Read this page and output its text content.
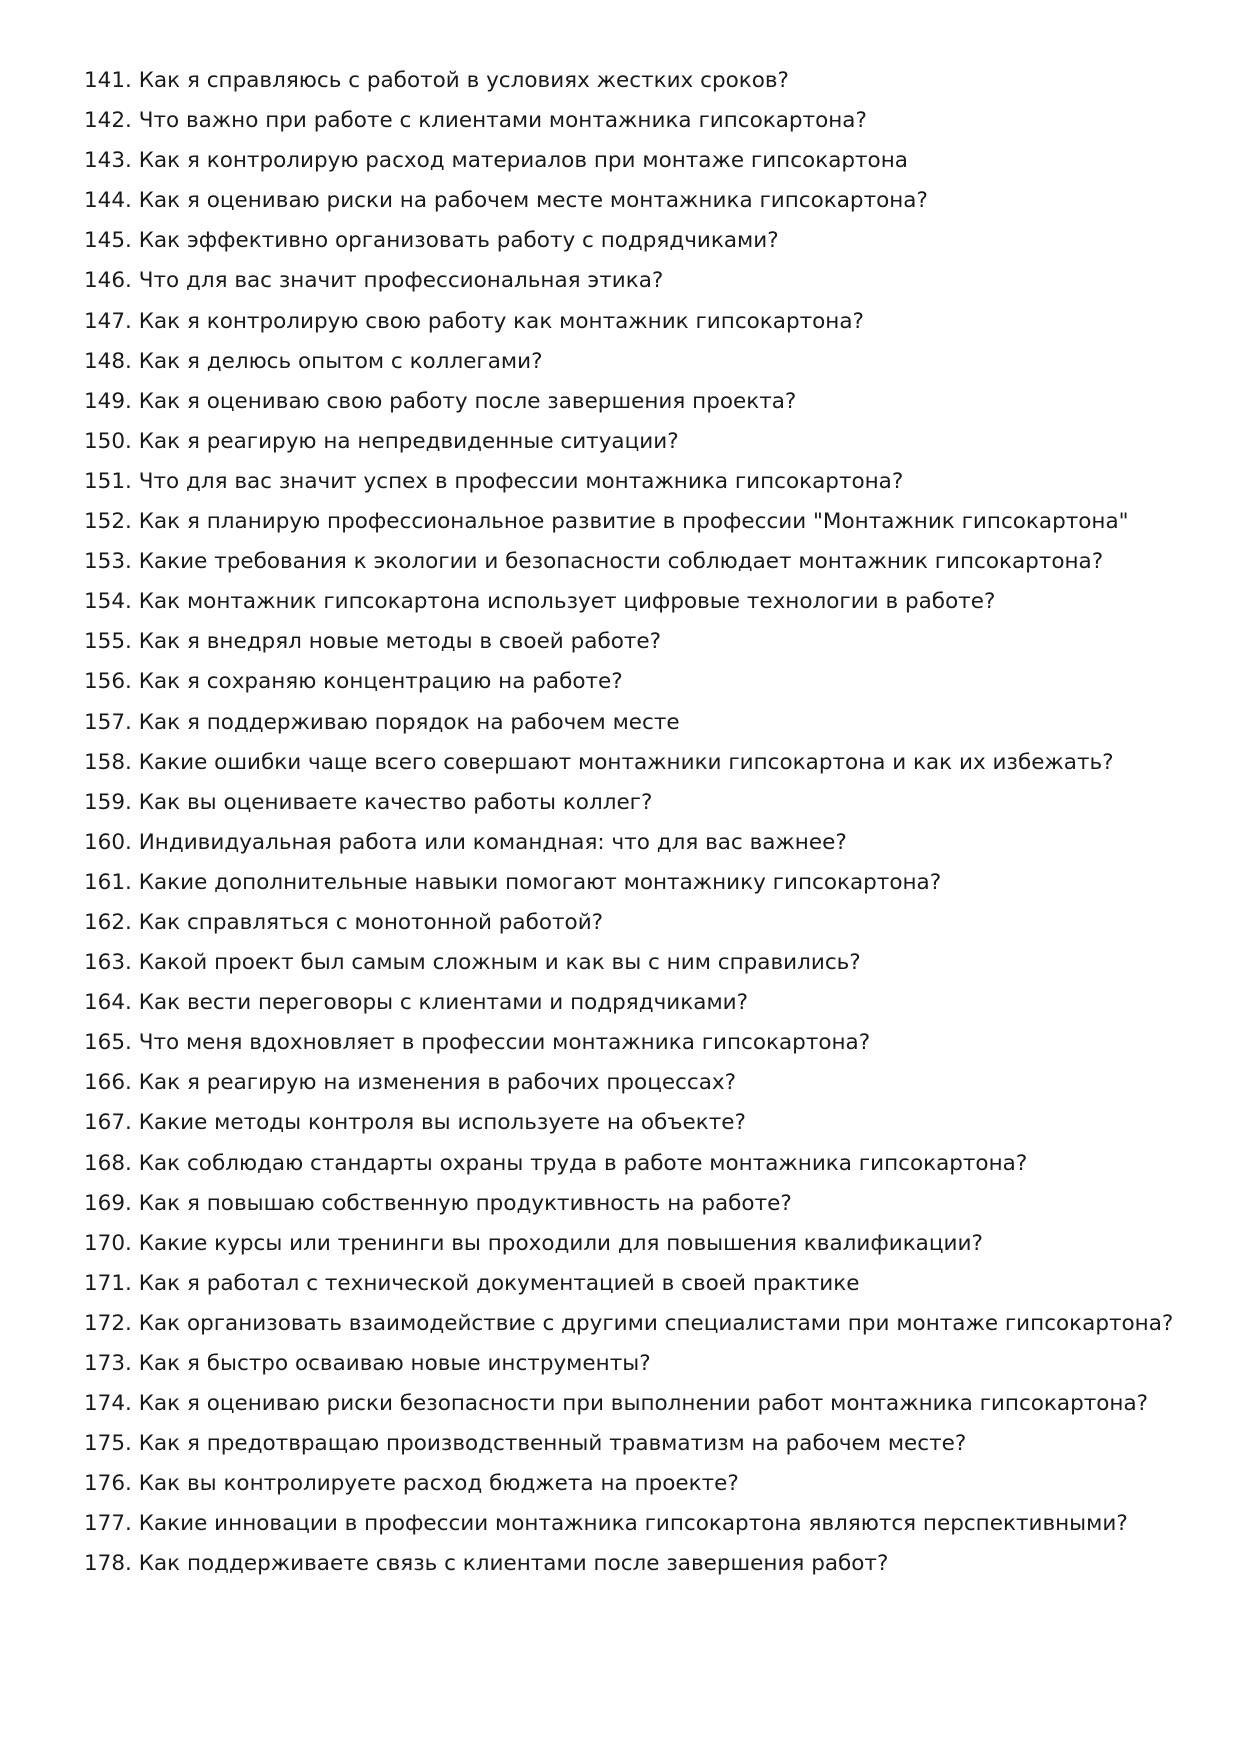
141. Как я справляюсь с работой в условиях жестких сроков?
142. Что важно при работе с клиентами монтажника гипсокартона?
143. Как я контролирую расход материалов при монтаже гипсокартона
144. Как я оцениваю риски на рабочем месте монтажника гипсокартона?
145. Как эффективно организовать работу с подрядчиками?
146. Что для вас значит профессиональная этика?
147. Как я контролирую свою работу как монтажник гипсокартона?
148. Как я делюсь опытом с коллегами?
149. Как я оцениваю свою работу после завершения проекта?
150. Как я реагирую на непредвиденные ситуации?
151. Что для вас значит успех в профессии монтажника гипсокартона?
152. Как я планирую профессиональное развитие в профессии "Монтажник гипсокартона"
153. Какие требования к экологии и безопасности соблюдает монтажник гипсокартона?
154. Как монтажник гипсокартона использует цифровые технологии в работе?
155. Как я внедрял новые методы в своей работе?
156. Как я сохраняю концентрацию на работе?
157. Как я поддерживаю порядок на рабочем месте
158. Какие ошибки чаще всего совершают монтажники гипсокартона и как их избежать?
159. Как вы оцениваете качество работы коллег?
160. Индивидуальная работа или командная: что для вас важнее?
161. Какие дополнительные навыки помогают монтажнику гипсокартона?
162. Как справляться с монотонной работой?
163. Какой проект был самым сложным и как вы с ним справились?
164. Как вести переговоры с клиентами и подрядчиками?
165. Что меня вдохновляет в профессии монтажника гипсокартона?
166. Как я реагирую на изменения в рабочих процессах?
167. Какие методы контроля вы используете на объекте?
168. Как соблюдаю стандарты охраны труда в работе монтажника гипсокартона?
169. Как я повышаю собственную продуктивность на работе?
170. Какие курсы или тренинги вы проходили для повышения квалификации?
171. Как я работал с технической документацией в своей практике
172. Как организовать взаимодействие с другими специалистами при монтаже гипсокартона?
173. Как я быстро осваиваю новые инструменты?
174. Как я оцениваю риски безопасности при выполнении работ монтажника гипсокартона?
175. Как я предотвращаю производственный травматизм на рабочем месте?
176. Как вы контролируете расход бюджета на проекте?
177. Какие инновации в профессии монтажника гипсокартона являются перспективными?
178. Как поддерживаете связь с клиентами после завершения работ?
